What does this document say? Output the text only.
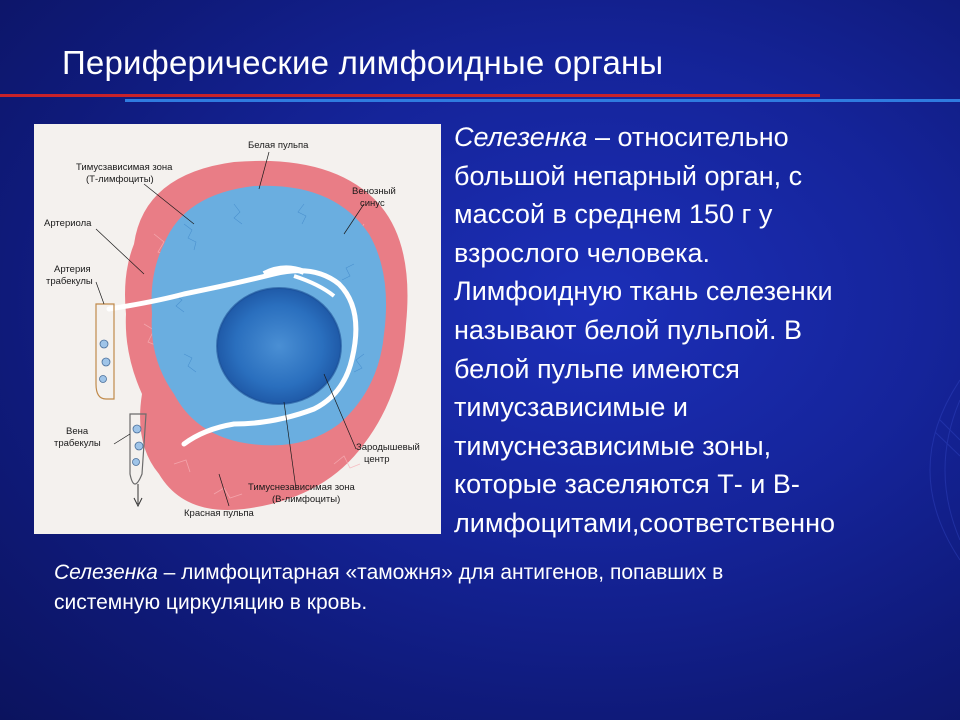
Периферические лимфоидные органы
Белая пульпа
Тимусзависимая зона
(Т-лимфоциты)
Венозный
синус
Артериола
Артерия
трабекулы
Вена
трабекулы	Зародышевый
центр
Тимуснезависимая зона
(В-лимфоциты)
Красная пульпа
Селезенка – относительно
большой непарный орган, с
массой в среднем 150 г у
взрослого человека.
Лимфоидную ткань селезенки
называют белой пульпой. В
белой пульпе имеются
тимусзависимые и
тимуснезависимые зоны,
которые заселяются Т- и В-
лимфоцитами,соответственно
Селезенка – лимфоцитарная «таможня» для антигенов, попавших в
системную циркуляцию в кровь.
